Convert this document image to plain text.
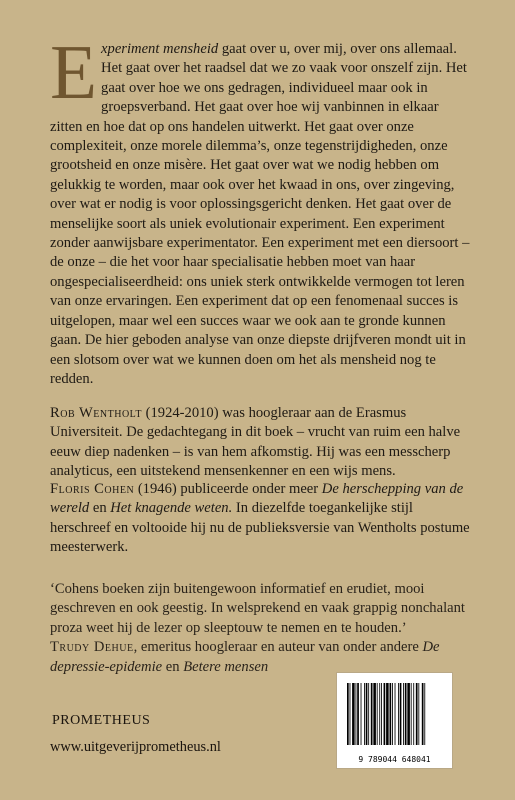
Experiment mensheid gaat over u, over mij, over ons allemaal. Het gaat over het raadsel dat we zo vaak voor onszelf zijn. Het gaat over hoe we ons gedragen, individueel maar ook in groepsverband. Het gaat over hoe wij vanbinnen in elkaar zitten en hoe dat op ons handelen uitwerkt. Het gaat over onze complexiteit, onze morele dilemma’s, onze tegenstrijdigheden, onze grootsheid en onze misère. Het gaat over wat we nodig hebben om gelukkig te worden, maar ook over het kwaad in ons, over zingeving, over wat er nodig is voor oplossingsgericht denken. Het gaat over de menselijke soort als uniek evolutionair experiment. Een experiment zonder aanwijsbare experimentator. Een experiment met een diersoort – de onze – die het voor haar specialisatie hebben moet van haar ongespecialiseerdheid: ons uniek sterk ontwikkelde vermogen tot leren van onze ervaringen. Een experiment dat op een fenomenaal succes is uitgelopen, maar wel een succes waar we ook aan te gronde kunnen gaan. De hier geboden analyse van onze diepste drijfveren mondt uit in een slotsom over wat we kunnen doen om het als mensheid nog te redden.
Rob Wentholt (1924-2010) was hoogleraar aan de Erasmus Universiteit. De gedachtegang in dit boek – vrucht van ruim een halve eeuw diep nadenken – is van hem afkomstig. Hij was een messcherp analyticus, een uitstekend mensenkenner en een wijs mens.
Floris Cohen (1946) publiceerde onder meer De herschepping van de wereld en Het knagende weten. In diezelfde toegankelijke stijl herschreef en voltooide hij nu de publieksversie van Wentholts postume meesterwerk.
‘Cohens boeken zijn buitengewoon informatief en erudiet, mooi geschreven en ook geestig. In welsprekend en vaak grappig nonchalant proza weet hij de lezer op sleeptouw te nemen en te houden.’
Trudy Dehue, emeritus hoogleraar en auteur van onder andere De depressie-epidemie en Betere mensen
9 789044 648041
PROMETHEUS
www.uitgeverijprometheus.nl
